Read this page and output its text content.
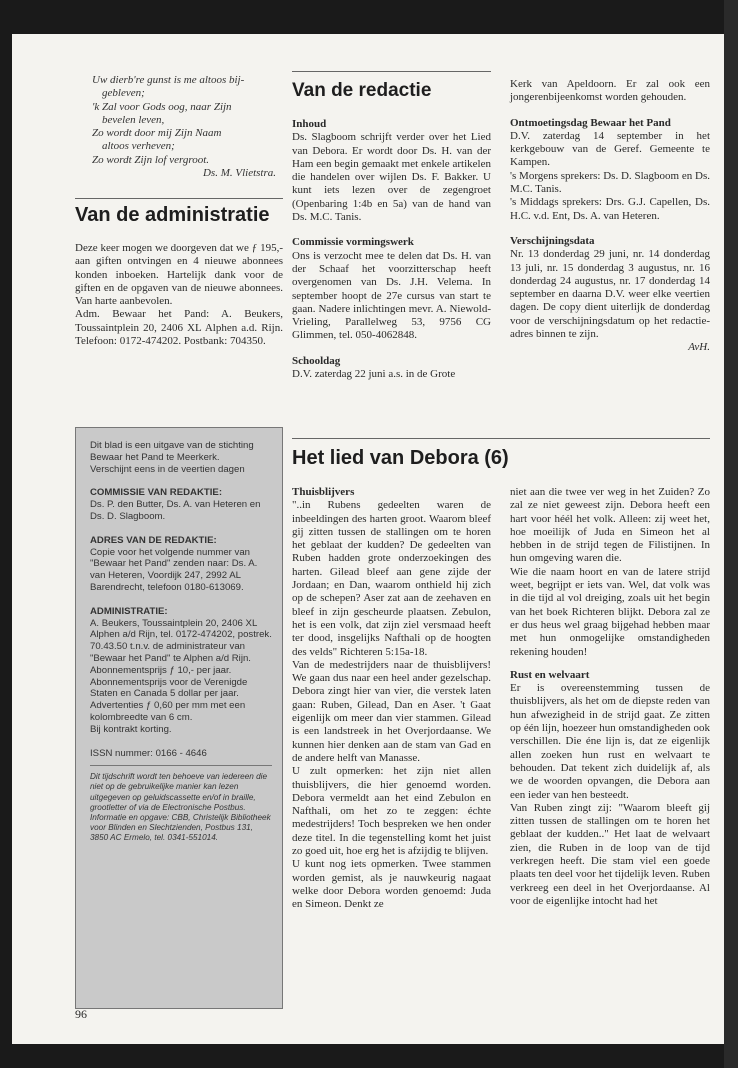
Uw dierb're gunst is me altoos bij-
gebleven;
'k Zal voor Gods oog, naar Zijn
bevelen leven,
Zo wordt door mij Zijn Naam
altoos verheven;
Zo wordt Zijn lof vergroot.
Ds. M. Vlietstra.
Van de administratie

Deze keer mogen we doorgeven dat we ƒ 195,- aan giften ontvingen en 4 nieuwe abonnees konden inboeken. Hartelijk dank voor de giften en de opgaven van de nieuwe abonnees. Van harte aanbevolen.

Adm. Bewaar het Pand: A. Beukers, Toussaintplein 20, 2406 XL Alphen a.d. Rijn. Telefoon: 0172-474202. Postbank: 704350.

Dit blad is een uitgave van de stichting Bewaar het Pand te Meerkerk.

Verschijnt eens in de veertien dagen

COMMISSIE VAN REDAKTIE:

Ds. P. den Butter, Ds. A. van Heteren en Ds. D. Slagboom.

ADRES VAN DE REDAKTIE:

Copie voor het volgende nummer van "Bewaar het Pand" zenden naar: Ds. A. van Heteren, Voordijk 247, 2992 AL Barendrecht, telefoon 0180-613069.

ADMINISTRATIE:

A. Beukers, Toussaintplein 20, 2406 XL Alphen a/d Rijn, tel. 0172-474202, postrek. 70.43.50 t.n.v. de administrateur van "Bewaar het Pand" te Alphen a/d Rijn.

Abonnementsprijs ƒ 10,- per jaar. Abonnementsprijs voor de Verenigde Staten en Canada 5 dollar per jaar.

Advertenties ƒ 0,60 per mm met een kolombreedte van 6 cm.

Bij kontrakt korting.

ISSN nummer: 0166 - 4646

Dit tijdschrift wordt ten behoeve van iedereen die niet op de gebruikelijke manier kan lezen uitgegeven op geluidscassette en/of in braille, grootletter of via de Electronische Postbus. Informatie en opgave: CBB, Christelijk Bibliotheek voor Blinden en Slechtzienden, Postbus 131, 3850 AC Ermelo, tel. 0341-551014.

96
Van de redactie
Inhoud

Ds. Slagboom schrijft verder over het Lied van Debora. Er wordt door Ds. H. van der Ham een begin gemaakt met enkele artikelen die handelen over wijlen Ds. F. Bakker. U kunt iets lezen over de zegengroet (Openbaring 1:4b en 5a) van de hand van Ds. M.C. Tanis.

Commissie vormingswerk

Ons is verzocht mee te delen dat Ds. H. van der Schaaf het voorzitterschap heeft overgenomen van Ds. J.H. Velema. In september hoopt de 27e cursus van start te gaan. Nadere inlichtingen mevr. A. Niewold-Vrieling, Parallelweg 53, 9756 CG Glimmen, tel. 050-4062848.

Schooldag

D.V. zaterdag 22 juni a.s. in de Grote

Kerk van Apeldoorn. Er zal ook een jongerenbijeenkomst worden gehouden.

Ontmoetingsdag Bewaar het Pand

D.V. zaterdag 14 september in het kerkgebouw van de Geref. Gemeente te Kampen.

's Morgens sprekers: Ds. D. Slagboom en Ds. M.C. Tanis.

's Middags sprekers: Drs. G.J. Capellen, Ds. H.C. v.d. Ent, Ds. A. van Heteren.

Verschijningsdata

Nr. 13 donderdag 29 juni, nr. 14 donderdag 13 juli, nr. 15 donderdag 3 augustus, nr. 16 donderdag 24 augustus, nr. 17 donderdag 14 september en daarna D.V. weer elke veertien dagen. De copy dient uiterlijk de donderdag voor de verschijningsdatum op het redactie-adres binnen te zijn.

AvH.

Het lied van Debora (6)
Thuisblijvers

"..in Rubens gedeelten waren de inbeeldingen des harten groot. Waarom bleef gij zitten tussen de stallingen om te horen het geblaat der kudden? De gedeelten van Ruben hadden grote onderzoekingen des harten. Gilead bleef aan gene zijde der Jordaan; en Dan, waarom onthield hij zich op de schepen? Aser zat aan de zeehaven en bleef in zijn gescheurde plaatsen. Zebulon, het is een volk, dat zijn ziel versmaad heeft ter dood, insgelijks Nafthali op de hoogten des velds" Richteren 5:15a-18.

Van de medestrijders naar de thuisblijvers! We gaan dus naar een heel ander gezelschap. Debora zingt hier van vier, die verstek laten gaan: Ruben, Gilead, Dan en Aser. 't Gaat eigenlijk om meer dan vier stammen. Gilead is een landstreek in het Overjordaanse. We kunnen hier denken aan de stam van Gad en de andere helft van Manasse.

U zult opmerken: het zijn niet allen thuisblijvers, die hier genoemd worden. Debora vermeldt aan het eind Zebulon en Nafthali, om het zo te zeggen: échte medestrijders! Toch bespreken we hen onder deze titel. In die tegenstelling komt het juist zo goed uit, hoe erg het is afzijdig te blijven.

U kunt nog iets opmerken. Twee stammen worden gemist, als je nauwkeurig nagaat welke door Debora worden genoemd: Juda en Simeon. Denkt ze

niet aan die twee ver weg in het Zuiden? Zo zal ze niet geweest zijn. Debora heeft een hart voor héél het volk. Alleen: zij weet het, hoe moeilijk of Juda en Simeon het al hebben in de strijd tegen de Filistijnen. In hun omgeving waren die.

Wie die naam hoort en van de latere strijd weet, begrijpt er iets van. Wel, dat volk was in die tijd al vol dreiging, zoals uit het begin van het boek Richteren blijkt. Debora zal ze er dus heus wel graag bijgehad hebben maar met hun onmogelijke omstandigheden rekening houden!

Rust en welvaart

Er is overeenstemming tussen de thuisblijvers, als het om de diepste reden van hun afwezigheid in de strijd gaat. Ze zitten op één lijn, hoezeer hun omstandigheden ook verschillen. Die éne lijn is, dat ze eigenlijk allen zoeken hun rust en welvaart te behouden. Dat tekent zich duidelijk af, als we de woorden opvangen, die Debora aan een ieder van hen besteedt.

Van Ruben zingt zij: "Waarom bleeft gij zitten tussen de stallingen om te horen het geblaat der kudden.." Het laat de welvaart zien, die Ruben in de loop van de tijd verkregen heeft. Die stam viel een goede plaats ten deel voor het tijdelijk leven. Ruben verkreeg een deel in het Overjordaanse. Al voor de eigenlijke intocht had het
